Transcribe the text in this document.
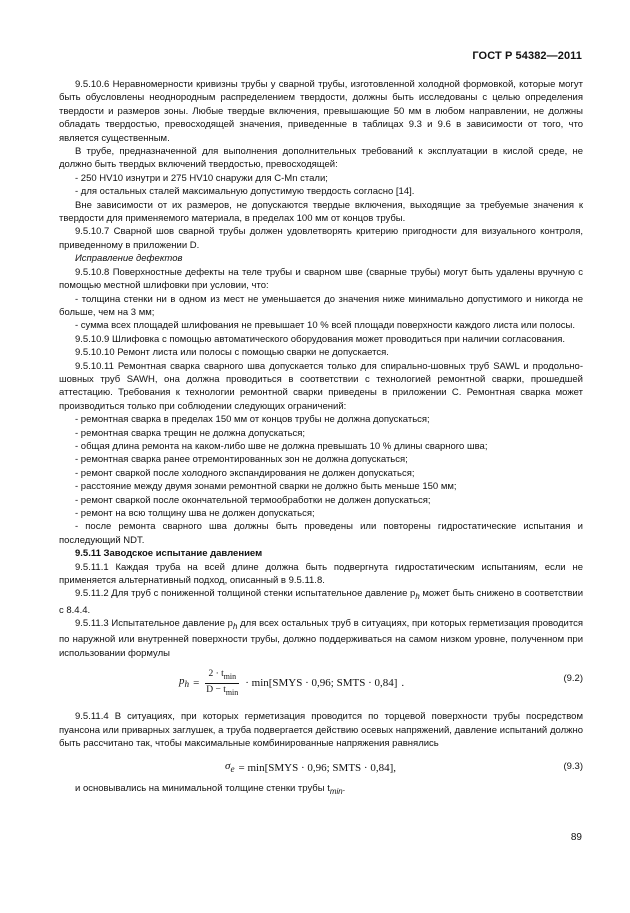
ГОСТ Р 54382—2011

9.5.10.6 Неравномерности кривизны трубы у сварной трубы, изготовленной холодной формовкой, которые могут быть обусловлены неоднородным распределением твердости, должны быть исследованы с целью определения твердости и размеров зоны. Любые твердые включения, превышающие 50 мм в любом направлении, не должны обладать твердостью, превосходящей значения, приведенные в таблицах 9.3 и 9.6 в зависимости от того, что является существенным.

В трубе, предназначенной для выполнения дополнительных требований к эксплуатации в кислой среде, не должно быть твердых включений твердостью, превосходящей:

- 250 HV10 изнутри и 275 HV10 снаружи для С-Mn стали;

- для остальных сталей максимальную допустимую твердость согласно [14].

Вне зависимости от их размеров, не допускаются твердые включения, выходящие за требуемые значения к твердости для применяемого материала, в пределах 100 мм от концов трубы.

9.5.10.7 Сварной шов сварной трубы должен удовлетворять критерию пригодности для визуального контроля, приведенному в приложении D.

Исправление дефектов

9.5.10.8 Поверхностные дефекты на теле трубы и сварном шве (сварные трубы) могут быть удалены вручную с помощью местной шлифовки при условии, что:

- толщина стенки ни в одном из мест не уменьшается до значения ниже минимально допустимого и никогда не больше, чем на 3 мм;

- сумма всех площадей шлифования не превышает 10 % всей площади поверхности каждого листа или полосы.

9.5.10.9 Шлифовка с помощью автоматического оборудования может проводиться при наличии согласования.

9.5.10.10 Ремонт листа или полосы с помощью сварки не допускается.

9.5.10.11 Ремонтная сварка сварного шва допускается только для спирально-шовных труб SAWL и продольно-шовных труб SAWH, она должна проводиться в соответствии с технологией ремонтной сварки, прошедшей аттестацию. Требования к технологии ремонтной сварки приведены в приложении С. Ремонтная сварка может производиться только при соблюдении следующих ограничений:

- ремонтная сварка в пределах 150 мм от концов трубы не должна допускаться;

- ремонтная сварка трещин не должна допускаться;

- общая длина ремонта на каком-либо шве не должна превышать 10 % длины сварного шва;

- ремонтная сварка ранее отремонтированных зон не должна допускаться;

- ремонт сваркой после холодного экспандирования не должен допускаться;

- расстояние между двумя зонами ремонтной сварки не должно быть меньше 150 мм;

- ремонт сваркой после окончательной термообработки не должен допускаться;

- ремонт на всю толщину шва не должен допускаться;

- после ремонта сварного шва должны быть проведены или повторены гидростатические испытания и последующий NDT.

9.5.11 Заводское испытание давлением

9.5.11.1 Каждая труба на всей длине должна быть подвергнута гидростатическим испытаниям, если не применяется альтернативный подход, описанный в 9.5.11.8.

9.5.11.2 Для труб с пониженной толщиной стенки испытательное давление $p_h$ может быть снижено в соответствии с 8.4.4.

9.5.11.3 Испытательное давление $p_h$ для всех остальных труб в ситуациях, при которых герметизация проводится по наружной или внутренней поверхности трубы, должно поддерживаться на самом низком уровне, полученном при использовании формулы

$p_h = \frac{2 \cdot t_{min}}{D - t_{min}}$ · min[SMYS · 0,96; SMTS · 0,84] .	(9.2)

9.5.11.4 В ситуациях, при которых герметизация проводится по торцевой поверхности трубы посредством пуансона или приварных заглушек, а труба подвергается действию осевых напряжений, давление испытаний должно быть рассчитано так, чтобы максимальные комбинированные напряжения равнялись

$\sigma_e$ = min[SMYS · 0,96; SMTS · 0,84],	(9.3)

и основывались на минимальной толщине стенки трубы $t_{min}$.

89
